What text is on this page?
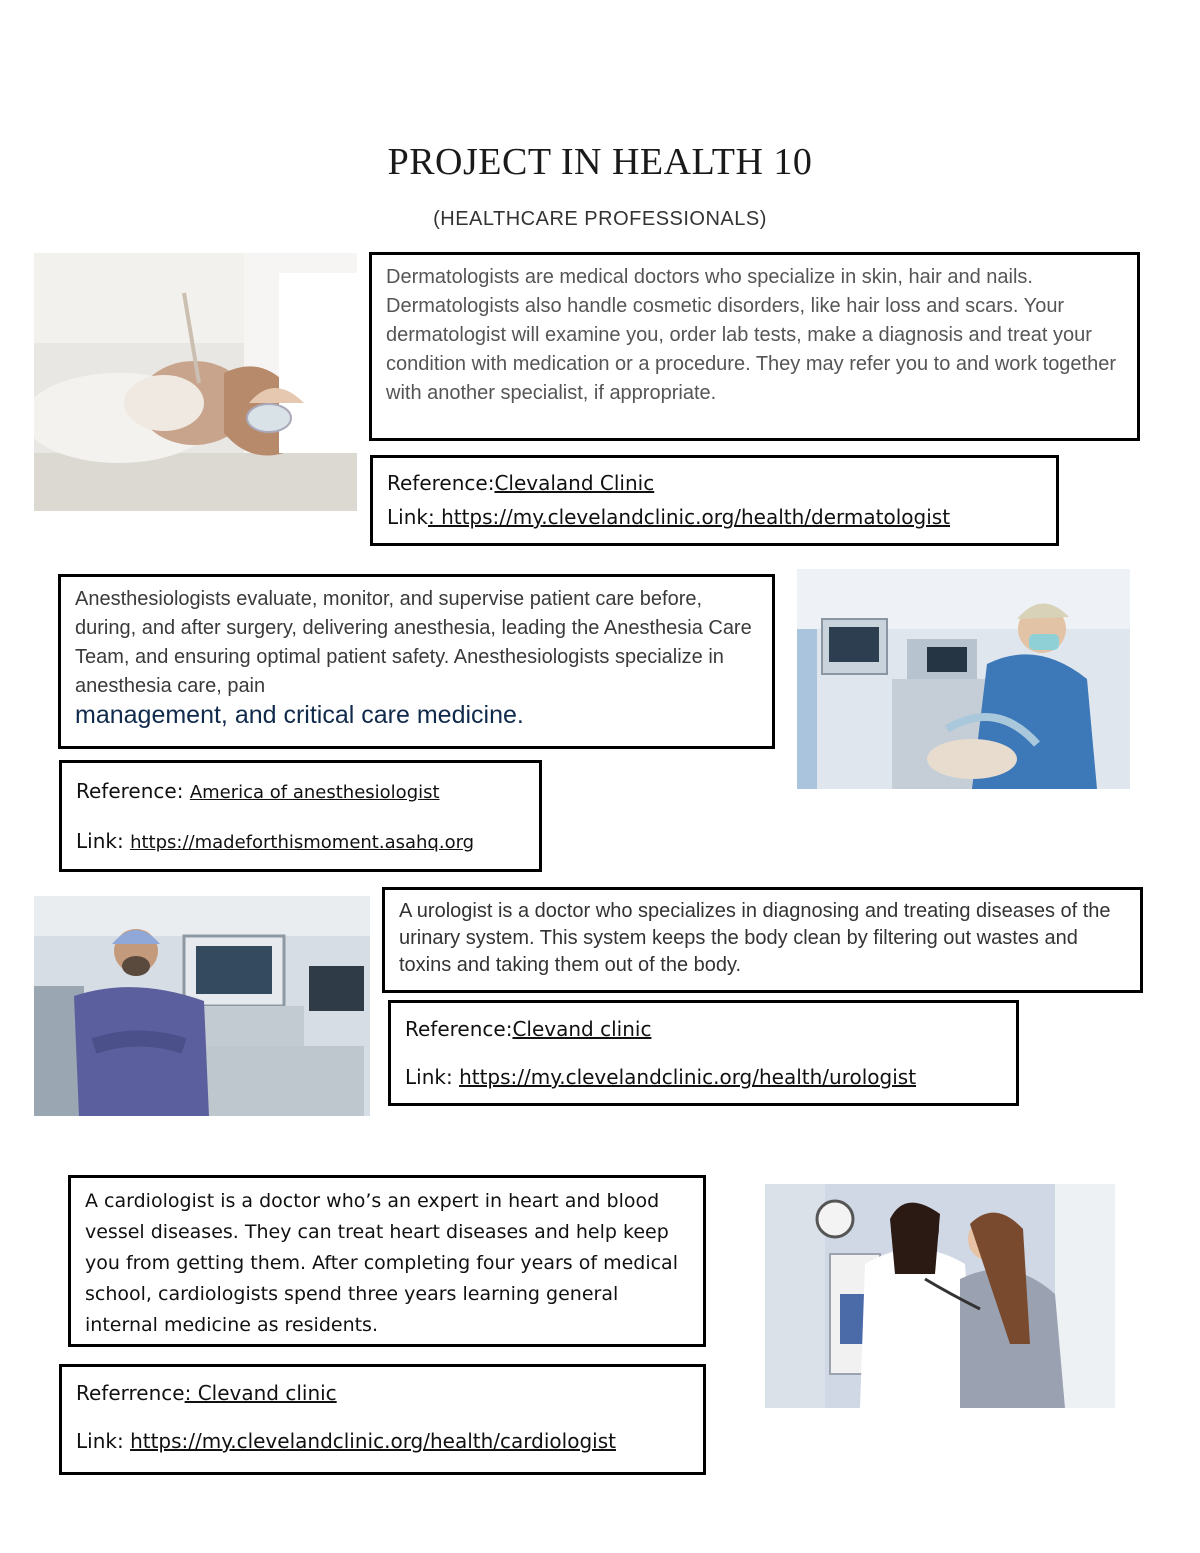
PROJECT IN HEALTH 10
(HEALTHCARE PROFESSIONALS)
Dermatologists are medical doctors who specialize in skin, hair and nails. Dermatologists also handle cosmetic disorders, like hair loss and scars. Your dermatologist will examine you, order lab tests, make a diagnosis and treat your condition with medication or a procedure. They may refer you to and work together with another specialist, if appropriate.
Reference:Clevaland Clinic
Link: https://my.clevelandclinic.org/health/dermatologist
Anesthesiologists evaluate, monitor, and supervise patient care before, during, and after surgery, delivering anesthesia, leading the Anesthesia Care Team, and ensuring optimal patient safety. Anesthesiologists specialize in anesthesia care, pain
management, and critical care medicine.
Reference: America of anesthesiologist
Link: https://madeforthismoment.asahq.org
A urologist is a doctor who specializes in diagnosing and treating diseases of the urinary system. This system keeps the body clean by filtering out wastes and toxins and taking them out of the body.
Reference:Clevand clinic
Link: https://my.clevelandclinic.org/health/urologist
A cardiologist is a doctor who’s an expert in heart and blood vessel diseases. They can treat heart diseases and help keep you from getting them. After completing four years of medical school, cardiologists spend three years learning general internal medicine as residents.
Referrence: Clevand clinic
Link: https://my.clevelandclinic.org/health/cardiologist
